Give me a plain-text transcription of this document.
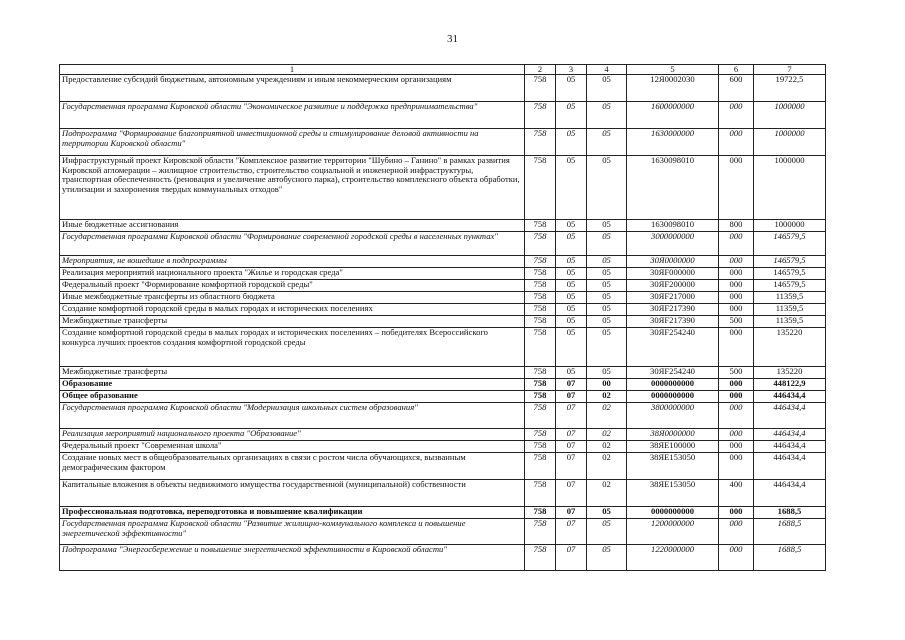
31
1	2	3	4	5	6	7
Предоставление субсидий бюджетным, автономным учреждениям и иным некоммерческим организациям	758	05	05	12Я0002030	600	19722,5
Государственная программа Кировской области "Экономическое развитие и поддержка предпринимательства"	758	05	05	1600000000	000	1000000
Подпрограмма "Формирование благоприятной инвестиционной среды и стимулирование деловой активности на территории Кировской области"	758	05	05	1630000000	000	1000000
Инфраструктурный проект Кировской области "Комплексное развитие территории "Шубино – Ганино" в рамках развития Кировской агломерации – жилищное строительство, строительство социальной и инженерной инфраструктуры, транспортная обеспеченность (реновация и увеличение автобусного парка), строительство комплексного объекта обработки, утилизации и захоронения твердых коммунальных отходов"	758	05	05	1630098010	000	1000000
Иные бюджетные ассигнования	758	05	05	1630098010	800	1000000
Государственная программа Кировской области "Формирование современной городской среды в населенных пунктах"	758	05	05	3000000000	000	146579,5
Мероприятия, не вошедшие в подпрограммы	758	05	05	30Я0000000	000	146579,5
Реализация мероприятий национального проекта "Жилье и городская среда"	758	05	05	30ЯF000000	000	146579,5
Федеральный проект "Формирование комфортной городской среды"	758	05	05	30ЯF200000	000	146579,5
Иные межбюджетные трансферты из областного бюджета	758	05	05	30ЯF217000	000	11359,5
Создание комфортной городской среды в малых городах и исторических поселениях	758	05	05	30ЯF217390	000	11359,5
Межбюджетные трансферты	758	05	05	30ЯF217390	500	11359,5
Создание комфортной городской среды в малых городах и исторических поселениях – победителях Всероссийского конкурса лучших проектов создания комфортной городской среды	758	05	05	30ЯF254240	000	135220
Межбюджетные трансферты	758	05	05	30ЯF254240	500	135220
Образование	758	07	00	0000000000	000	448122,9
Общее образование	758	07	02	0000000000	000	446434,4
Государственная программа Кировской области "Модернизация школьных систем образования"	758	07	02	3800000000	000	446434,4
Реализация мероприятий национального проекта "Образование"	758	07	02	38Я0000000	000	446434,4
Федеральный проект "Современная школа"	758	07	02	38ЯЕ100000	000	446434,4
Создание новых мест в общеобразовательных организациях в связи с ростом числа обучающихся, вызванным демографическим фактором	758	07	02	38ЯЕ153050	000	446434,4
Капитальные вложения в объекты недвижимого имущества государственной (муниципальной) собственности	758	07	02	38ЯЕ153050	400	446434,4
Профессиональная подготовка, переподготовка и повышение квалификации	758	07	05	0000000000	000	1688,5
Государственная программа Кировской области "Развитие жилищно-коммунального комплекса и повышение энергетической эффективности"	758	07	05	1200000000	000	1688,5
Подпрограмма "Энергосбережение и повышение энергетической эффективности в Кировской области"	758	07	05	1220000000	000	1688,5
